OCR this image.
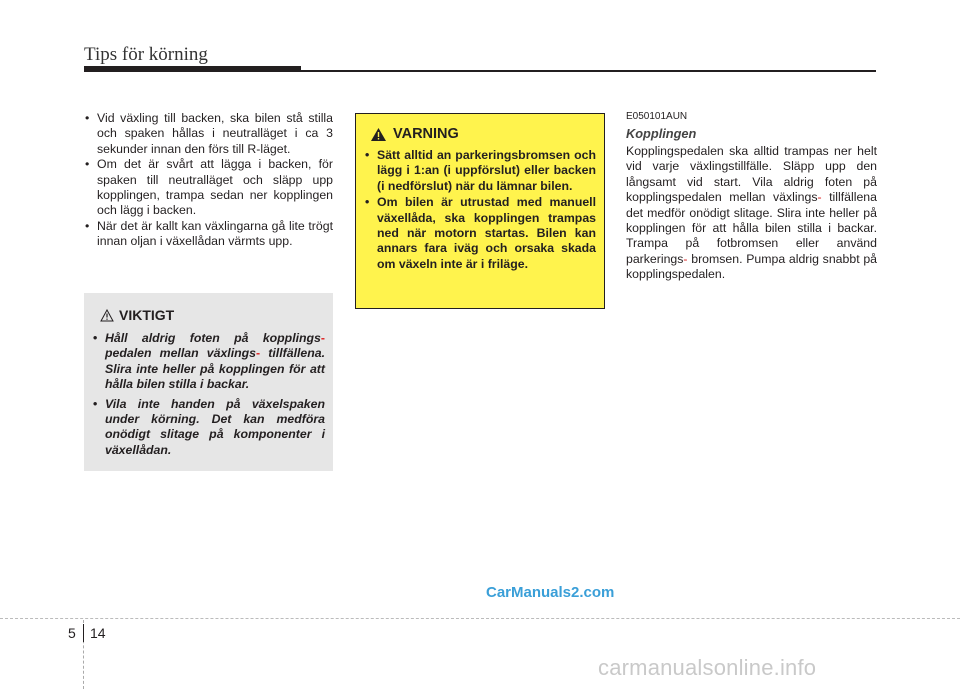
Tips för körning
• Vid växling till backen, ska bilen stå stilla och spaken hållas i neutralläget i ca 3 sekunder innan den förs till R-läget.
• Om det är svårt att lägga i backen, för spaken till neutralläget och släpp upp kopplingen, trampa sedan ner kopplingen och lägg i backen.
• När det är kallt kan växlingarna gå lite trögt innan oljan i växellådan värmts upp.
VIKTIGT
• Håll aldrig foten på kopplings- pedalen mellan växlings- tillfällena. Slira inte heller på kopplingen för att hålla bilen stilla i backar.
• Vila inte handen på växelspaken under körning. Det kan medföra onödigt slitage på komponenter i växellådan.
VARNING
• Sätt alltid an parkeringsbromsen och lägg i 1:an (i uppförslut) eller backen (i nedförslut) när du lämnar bilen.
• Om bilen är utrustad med manuell växellåda, ska kopplingen trampas ned när motorn startas. Bilen kan annars fara iväg och orsaka skada om växeln inte är i friläge.
E050101AUN
Kopplingen

Kopplingspedalen ska alltid trampas ner helt vid varje växlingstillfälle. Släpp upp den långsamt vid start. Vila aldrig foten på kopplingspedalen mellan växlings- tillfällena det medför onödigt slitage. Slira inte heller på kopplingen för att hålla bilen stilla i backar. Trampa på fotbromsen eller använd parkerings- bromsen. Pumpa aldrig snabbt på kopplingspedalen.

CarManuals2.com
5 14
carmanualsonline.info
